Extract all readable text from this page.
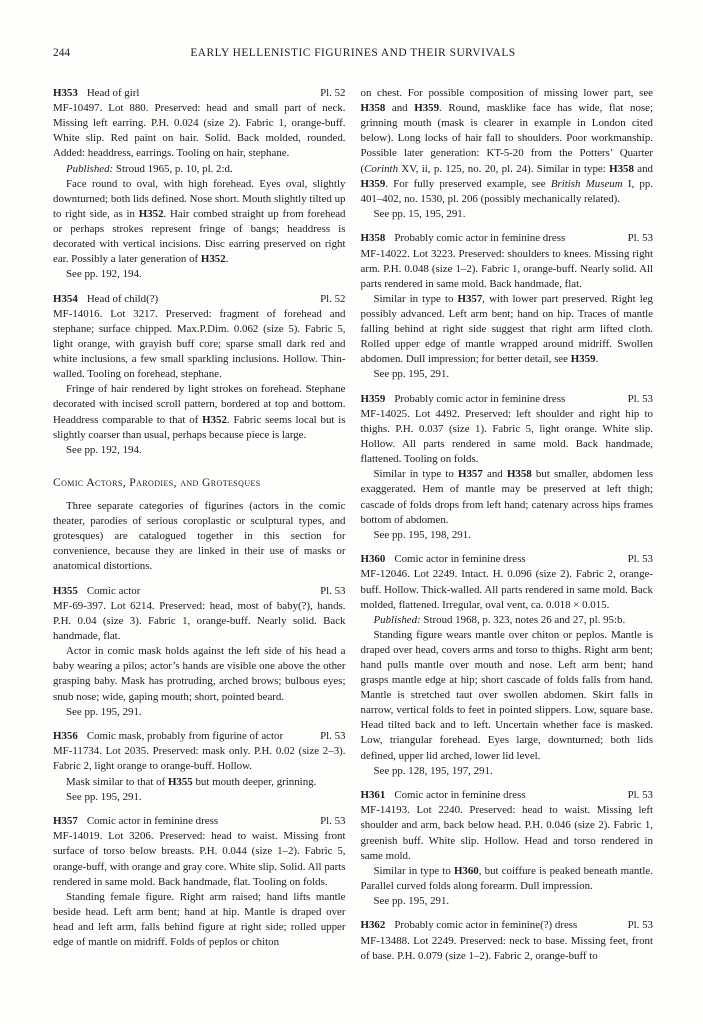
244	EARLY HELLENISTIC FIGURINES AND THEIR SURVIVALS
H353 Head of girl	Pl. 52

MF-10497. Lot 880. Preserved: head and small part of neck. Missing left earring. P.H. 0.024 (size 2). Fabric 1, orange-buff. White slip. Red paint on hair. Solid. Back molded, rounded. Added: headdress, earrings. Tooling on hair, stephane.

Published: Stroud 1965, p. 10, pl. 2:d.

Face round to oval, with high forehead. Eyes oval, slightly downturned; both lids defined. Nose short. Mouth slightly tilted up to right side, as in H352. Hair combed straight up from forehead or perhaps strokes represent fringe of bangs; headdress is decorated with vertical incisions. Disc earring preserved on right ear. Possibly a later generation of H352.

See pp. 192, 194.

H354 Head of child(?)	Pl. 52

MF-14016. Lot 3217. Preserved: fragment of forehead and stephane; surface chipped. Max.P.Dim. 0.062 (size 5). Fabric 5, light orange, with grayish buff core; sparse small dark red and white inclusions, a few small sparkling inclusions. Hollow. Thin-walled. Tooling on forehead, stephane.

Fringe of hair rendered by light strokes on forehead. Stephane decorated with incised scroll pattern, bordered at top and bottom. Headdress comparable to that of H352. Fabric seems local but is slightly coarser than usual, perhaps because piece is large.

See pp. 192, 194.

Comic Actors, Parodies, and Grotesques

Three separate categories of figurines (actors in the comic theater, parodies of serious coroplastic or sculptural types, and grotesques) are catalogued together in this section for convenience, because they are linked in their use of masks or anatomical distortions.

H355 Comic actor	Pl. 53

MF-69-397. Lot 6214. Preserved: head, most of baby(?), hands. P.H. 0.04 (size 3). Fabric 1, orange-buff. Nearly solid. Back handmade, flat.

Actor in comic mask holds against the left side of his head a baby wearing a pilos; actor’s hands are visible one above the other grasping baby. Mask has protruding, arched brows; bulbous eyes; snub nose; wide, gaping mouth; short, pointed beard.

See pp. 195, 291.

H356 Comic mask, probably from figurine of actor	Pl. 53

MF-11734. Lot 2035. Preserved: mask only. P.H. 0.02 (size 2–3). Fabric 2, light orange to orange-buff. Hollow.

Mask similar to that of H355 but mouth deeper, grinning.

See pp. 195, 291.

H357 Comic actor in feminine dress	Pl. 53

MF-14019. Lot 3206. Preserved: head to waist. Missing front surface of torso below breasts. P.H. 0.044 (size 1–2). Fabric 5, orange-buff, with orange and gray core. White slip. Solid. All parts rendered in same mold. Back handmade, flat. Tooling on folds.

Standing female figure. Right arm raised; hand lifts mantle beside head. Left arm bent; hand at hip. Mantle is draped over head and left arm, falls behind figure at right side; rolled upper edge of mantle on midriff. Folds of peplos or chiton

on chest. For possible composition of missing lower part, see H358 and H359. Round, masklike face has wide, flat nose; grinning mouth (mask is clearer in example in London cited below). Long locks of hair fall to shoulders. Poor workmanship. Possible later generation: KT-5-20 from the Potters’ Quarter (Corinth XV, ii, p. 125, no. 20, pl. 24). Similar in type: H358 and H359. For fully preserved example, see British Museum I, pp. 401–402, no. 1530, pl. 206 (possibly mechanically related).

See pp. 15, 195, 291.

H358 Probably comic actor in feminine dress	Pl. 53

MF-14022. Lot 3223. Preserved: shoulders to knees. Missing right arm. P.H. 0.048 (size 1–2). Fabric 1, orange-buff. Nearly solid. All parts rendered in same mold. Back handmade, flat.

Similar in type to H357, with lower part preserved. Right leg possibly advanced. Left arm bent; hand on hip. Traces of mantle falling behind at right side suggest that right arm lifted cloth. Rolled upper edge of mantle wrapped around midriff. Swollen abdomen. Dull impression; for better detail, see H359.

See pp. 195, 291.

H359 Probably comic actor in feminine dress	Pl. 53

MF-14025. Lot 4492. Preserved: left shoulder and right hip to thighs. P.H. 0.037 (size 1). Fabric 5, light orange. White slip. Hollow. All parts rendered in same mold. Back handmade, flattened. Tooling on folds.

Similar in type to H357 and H358 but smaller, abdomen less exaggerated. Hem of mantle may be preserved at left thigh; cascade of folds drops from left hand; catenary across hips frames bottom of abdomen.

See pp. 195, 198, 291.

H360 Comic actor in feminine dress	Pl. 53

MF-12046. Lot 2249. Intact. H. 0.096 (size 2). Fabric 2, orange-buff. Hollow. Thick-walled. All parts rendered in same mold. Back molded, flattened. Irregular, oval vent, ca. 0.018 × 0.015.

Published: Stroud 1968, p. 323, notes 26 and 27, pl. 95:b.

Standing figure wears mantle over chiton or peplos. Mantle is draped over head, covers arms and torso to thighs. Right arm bent; hand pulls mantle over mouth and nose. Left arm bent; hand grasps mantle edge at hip; short cascade of folds falls from hand. Mantle is stretched taut over swollen abdomen. Skirt falls in narrow, vertical folds to feet in pointed slippers. Low, square base. Head tilted back and to left. Uncertain whether face is masked. Low, triangular forehead. Eyes large, downturned; both lids defined, upper lid arched, lower lid level.

See pp. 128, 195, 197, 291.

H361 Comic actor in feminine dress	Pl. 53

MF-14193. Lot 2240. Preserved: head to waist. Missing left shoulder and arm, back below head. P.H. 0.046 (size 2). Fabric 1, greenish buff. White slip. Hollow. Head and torso rendered in same mold.

Similar in type to H360, but coiffure is peaked beneath mantle. Parallel curved folds along forearm. Dull impression.

See pp. 195, 291.

H362 Probably comic actor in feminine(?) dress	Pl. 53

MF-13488. Lot 2249. Preserved: neck to base. Missing feet, front of base. P.H. 0.079 (size 1–2). Fabric 2, orange-buff to
